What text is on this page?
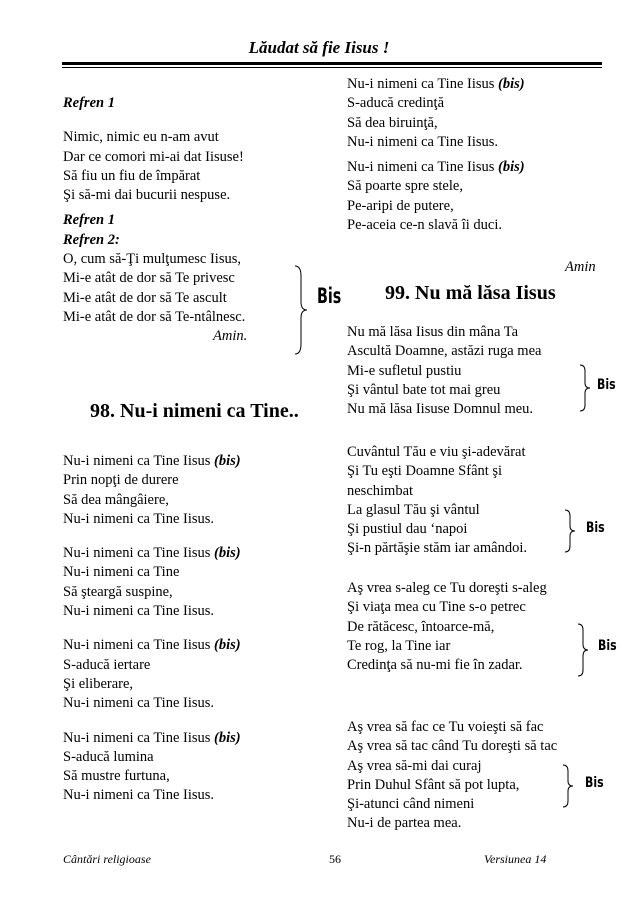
Lăudat să fie Iisus !
Refren 1
Nimic, nimic eu n-am avut
Dar ce comori mi-ai dat Iisuse!
Să fiu un fiu de împărat
Şi să-mi dai bucurii nespuse.
Refren 1
Refren 2:
O, cum să-Ţi mulţumesc Iisus,
Mi-e atât de dor să Te privesc
Mi-e atât de dor să Te ascult
Mi-e atât de dor să Te-ntâlnesc.
Amin.
Bis
98. Nu-i nimeni ca Tine..
Nu-i nimeni ca Tine Iisus (bis)
Prin nopţi de durere
Să dea mângâiere,
Nu-i nimeni ca Tine Iisus.
Nu-i nimeni ca Tine Iisus (bis)
Nu-i nimeni ca Tine
Să şteargă suspine,
Nu-i nimeni ca Tine Iisus.
Nu-i nimeni ca Tine Iisus (bis)
S-aducă iertare
Şi eliberare,
Nu-i nimeni ca Tine Iisus.
Nu-i nimeni ca Tine Iisus (bis)
S-aducă lumina
Să mustre furtuna,
Nu-i nimeni ca Tine Iisus.
Nu-i nimeni ca Tine Iisus (bis)
S-aducă credinţă
Să dea biruinţă,
Nu-i nimeni ca Tine Iisus.
Nu-i nimeni ca Tine Iisus (bis)
Să poarte spre stele,
Pe-aripi de putere,
Pe-aceia ce-n slavă îi duci.
Amin
99. Nu mă lăsa Iisus
Nu mă lăsa Iisus din mâna Ta
Ascultă Doamne, astăzi ruga mea
Mi-e sufletul pustiu
Şi vântul bate tot mai greu
Nu mă lăsa Iisuse Domnul meu.
Cuvântul Tău e viu şi-adevărat
Şi Tu eşti Doamne Sfânt şi
neschimbat
La glasul Tău şi vântul
Şi pustiul dau ‘napoi
Şi-n părtăşie stăm iar amândoi.
Aş vrea s-aleg ce Tu doreşti s-aleg
Şi viaţa mea cu Tine s-o petrec
De rătăcesc, întoarce-mă,
Te rog, la Tine iar
Credinţa să nu-mi fie în zadar.
Aş vrea să fac ce Tu voieşti să fac
Aş vrea să tac când Tu doreşti să tac
Aş vrea să-mi dai curaj
Prin Duhul Sfânt să pot lupta,
Şi-atunci când nimeni
Nu-i de partea mea.
Bis
Bis
Bis
Bis
Cântări religioase	56	Versiunea 14
